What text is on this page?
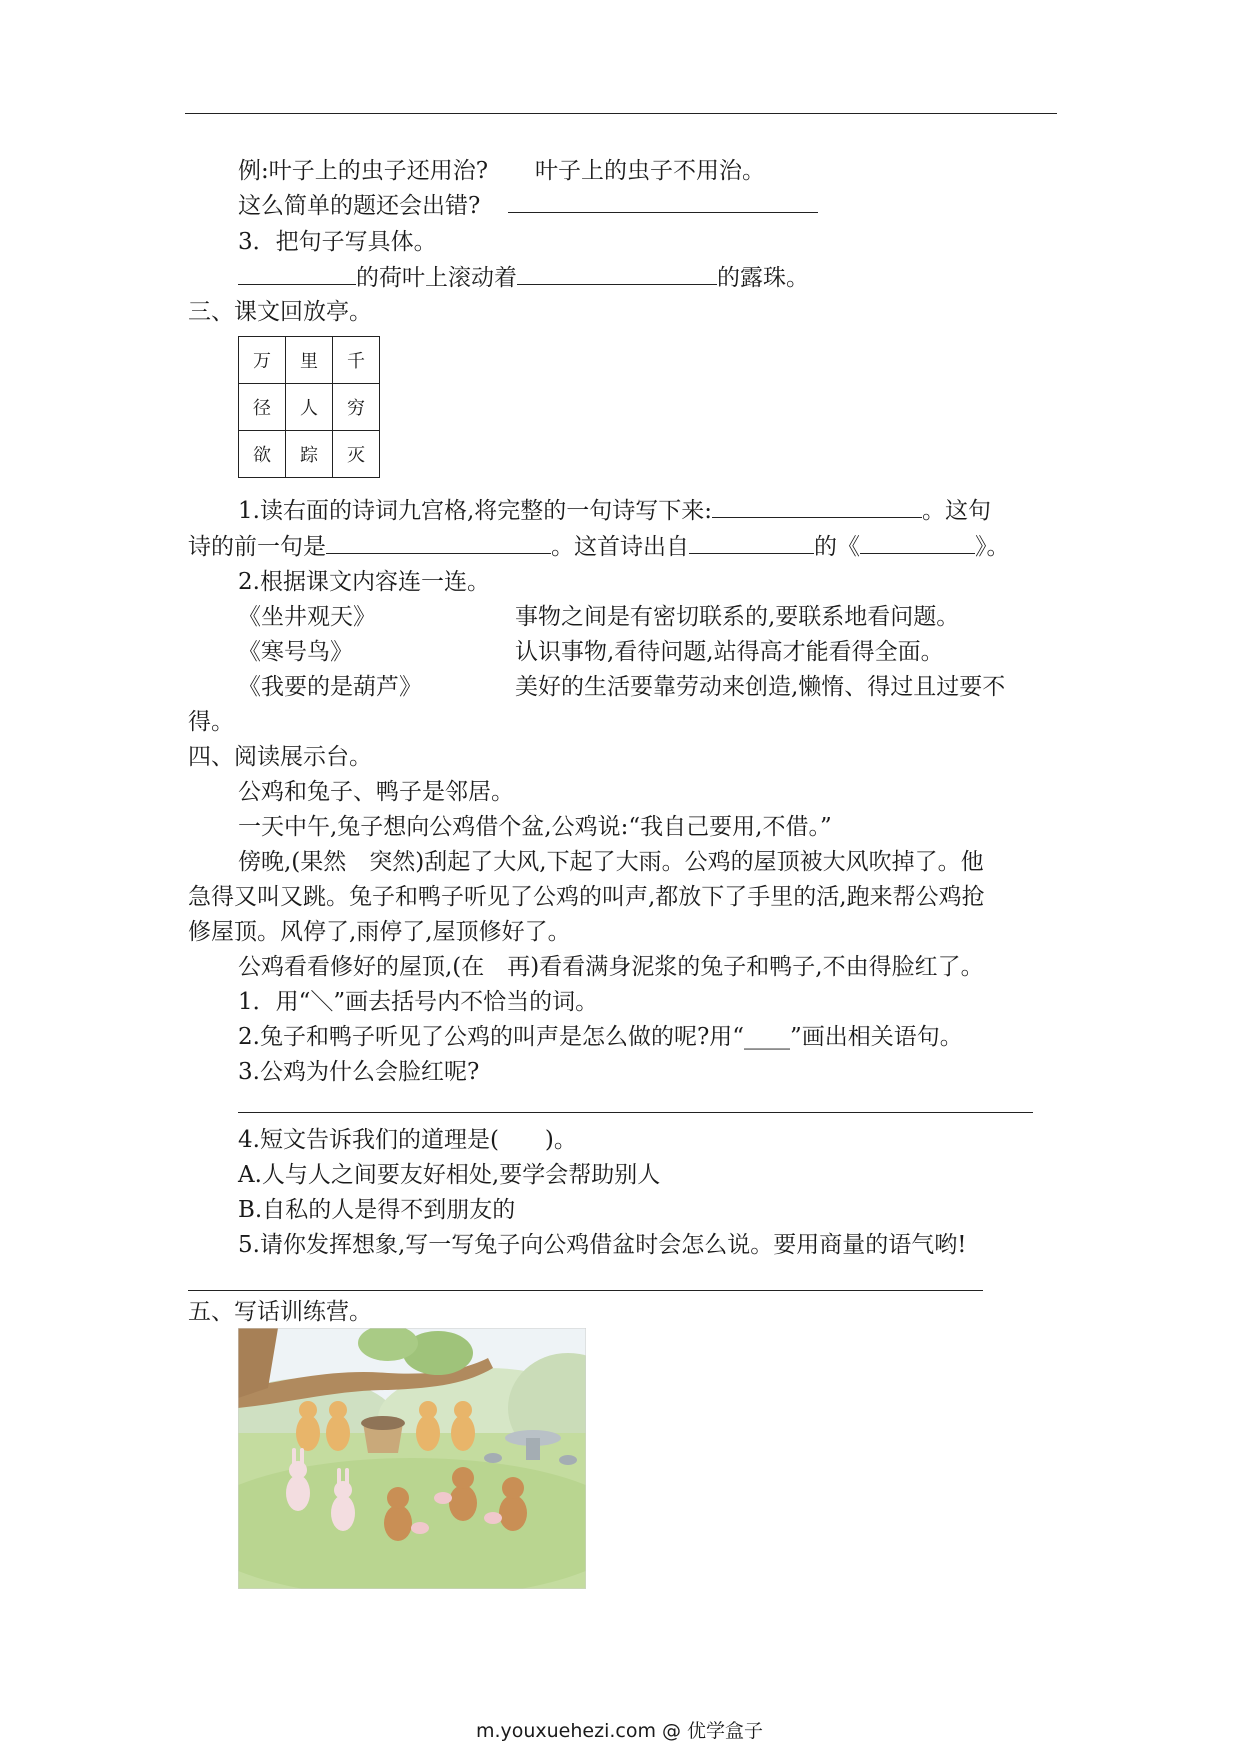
例:叶子上的虫子还用治? 叶子上的虫子不用治。
这么简单的题还会出错?
3．把句子写具体。
的荷叶上滚动着	的露珠。
三、课文回放亭。
万	里	千
径	人	穷
欲	踪	灭
1.读右面的诗词九宫格,将完整的一句诗写下来:	。这句
诗的前一句是	。这首诗出自	的《	》。
2.根据课文内容连一连。
《坐井观天》	事物之间是有密切联系的,要联系地看问题。
《寒号鸟》	认识事物,看待问题,站得高才能看得全面。
《我要的是葫芦》	美好的生活要靠劳动来创造,懒惰、得过且过要不
得。
四、阅读展示台。
公鸡和兔子、鸭子是邻居。
一天中午,兔子想向公鸡借个盆,公鸡说:“我自己要用,不借。”
傍晚,(果然　突然)刮起了大风,下起了大雨。公鸡的屋顶被大风吹掉了。他
急得又叫又跳。兔子和鸭子听见了公鸡的叫声,都放下了手里的活,跑来帮公鸡抢
修屋顶。风停了,雨停了,屋顶修好了。
公鸡看看修好的屋顶,(在　再)看看满身泥浆的兔子和鸭子,不由得脸红了。
1．用“＼”画去括号内不恰当的词。
2.兔子和鸭子听见了公鸡的叫声是怎么做的呢?用“____”画出相关语句。
3.公鸡为什么会脸红呢?
4.短文告诉我们的道理是(　　)。
A.人与人之间要友好相处,要学会帮助别人
B.自私的人是得不到朋友的
5.请你发挥想象,写一写兔子向公鸡借盆时会怎么说。要用商量的语气哟!
五、写话训练营。
m.youxuehezi.com @ 优学盒子
